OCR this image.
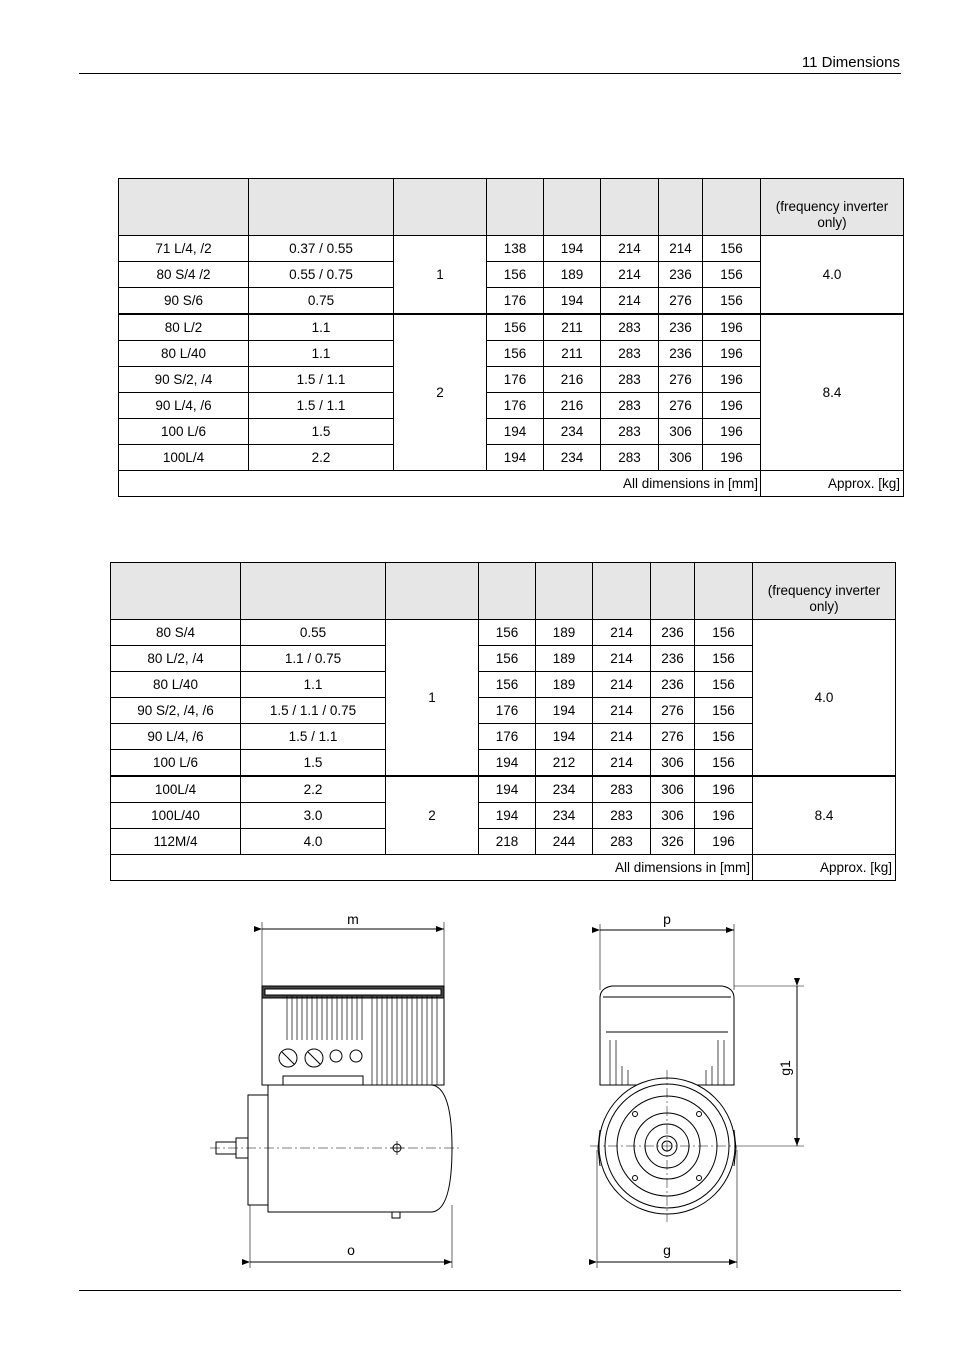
11 Dimensions
								(frequency inverter only)
71 L/4, /2	0.37 / 0.55	1	138	194	214	214	156	4.0
80 S/4 /2	0.55 / 0.75		156	189	214	236	156	
90 S/6	0.75		176	194	214	276	156	
80 L/2	1.1	2	156	211	283	236	196	8.4
80 L/40	1.1		156	211	283	236	196	
90 S/2, /4	1.5 / 1.1		176	216	283	276	196	
90 L/4, /6	1.5 / 1.1		176	216	283	276	196	
100 L/6	1.5		194	234	283	306	196	
100L/4	2.2		194	234	283	306	196	
All dimensions in [mm]								Approx. [kg]
								(frequency inverter only)
80 S/4	0.55	1	156	189	214	236	156	4.0
80 L/2, /4	1.1 / 0.75		156	189	214	236	156	
80 L/40	1.1		156	189	214	236	156	
90 S/2, /4, /6	1.5 / 1.1 / 0.75		176	194	214	276	156	
90 L/4, /6	1.5 / 1.1		176	194	214	276	156	
100 L/6	1.5		194	212	214	306	156	
100L/4	2.2	2	194	234	283	306	196	8.4
100L/40	3.0		194	234	283	306	196	
112M/4	4.0		218	244	283	326	196	
All dimensions in [mm]								Approx. [kg]
m
o
p
g
g1
